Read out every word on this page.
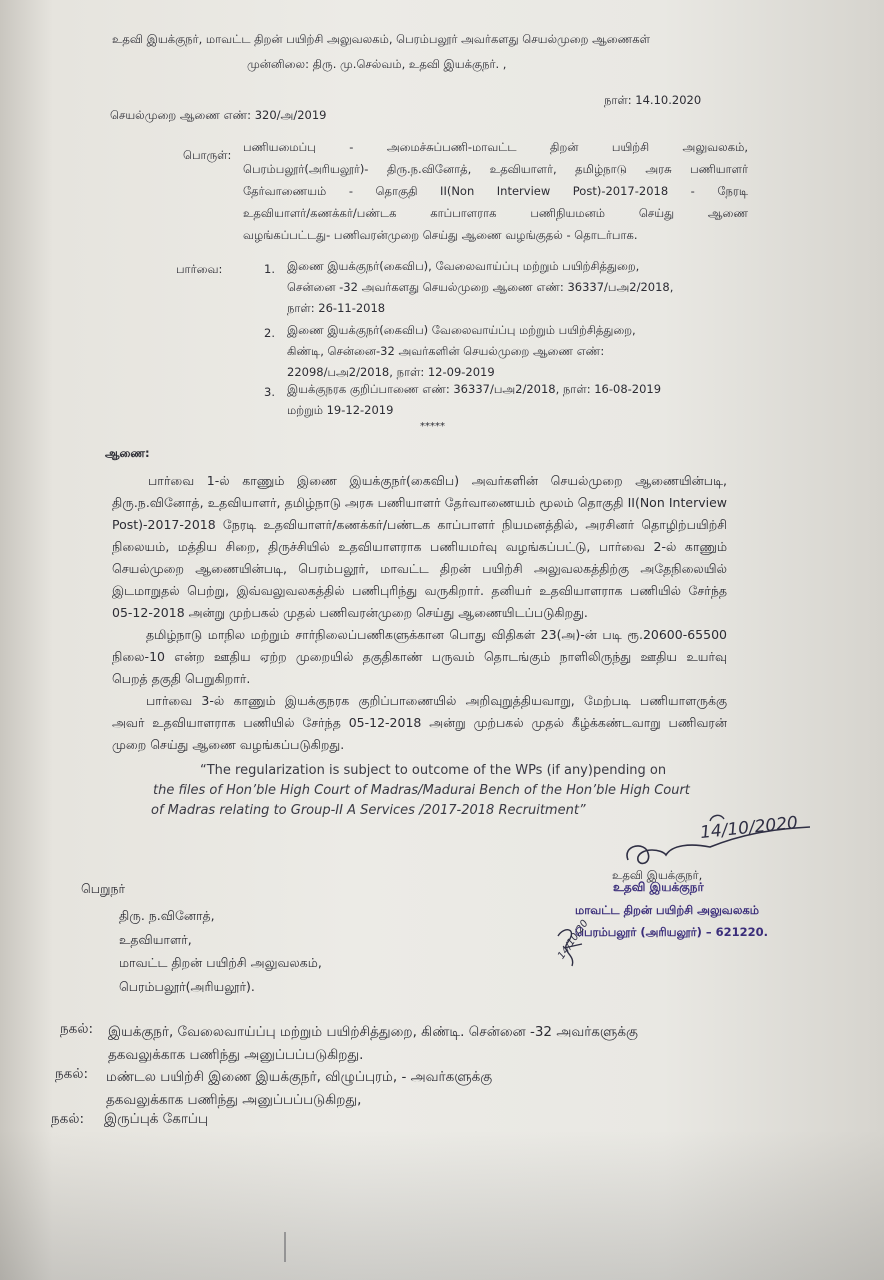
உதவி இயக்குநர், மாவட்ட திறன் பயிற்சி அலுவலகம், பெரம்பலூர் அவர்களது செயல்முறை ஆணைகள்
முன்னிலை: திரு. மு.செல்வம், உதவி இயக்குநர். ,
செயல்முறை ஆணை எண்: 320/அ/2019
நாள்: 14.10.2020
பொருள்:
பணியமைப்பு - அமைச்சுப்பணி-மாவட்ட திறன் பயிற்சி அலுவலகம்,
பெரம்பலூர்(அரியலூர்)- திரு.ந.வினோத், உதவியாளர், தமிழ்நாடு அரசு பணியாளர்
தேர்வாணையம் - தொகுதி II(Non Interview Post)-2017-2018 - நேரடி
உதவியாளர்/கணக்கர்/பண்டக காப்பாளராக பணிநியமனம் செய்து ஆணை
வழங்கப்பட்டது- பணிவரன்முறை செய்து ஆணை வழங்குதல் - தொடர்பாக.
பார்வை:	1. இணை இயக்குநர்(கைவிப), வேலைவாய்ப்பு மற்றும் பயிற்சித்துறை,
சென்னை -32 அவர்களது செயல்முறை ஆணை எண்: 36337/பஅ2/2018,
நாள்: 26-11-2018
2. இணை இயக்குநர்(கைவிப) வேலைவாய்ப்பு மற்றும் பயிற்சித்துறை,
கிண்டி, சென்னை-32 அவர்களின் செயல்முறை ஆணை எண்:
22098/பஅ2/2018, நாள்: 12-09-2019
3. இயக்குநரக குறிப்பாணை எண்: 36337/பஅ2/2018, நாள்: 16-08-2019
மற்றும் 19-12-2019
*****
ஆணை:
பார்வை 1-ல் காணும் இணை இயக்குநர்(கைவிப) அவர்களின் செயல்முறை ஆணையின்படி,
திரு.ந.வினோத், உதவியாளர், தமிழ்நாடு அரசு பணியாளர் தேர்வாணையம் மூலம் தொகுதி II(Non Interview
Post)-2017-2018 நேரடி உதவியாளர்/கணக்கர்/பண்டக காப்பாளர் நியமனத்தில், அரசினர் தொழிற்பயிற்சி
நிலையம், மத்திய சிறை, திருச்சியில் உதவியாளராக பணியமர்வு வழங்கப்பட்டு, பார்வை 2-ல் காணும்
செயல்முறை ஆணையின்படி, பெரம்பலூர், மாவட்ட திறன் பயிற்சி அலுவலகத்திற்கு அதேநிலையில்
இடமாறுதல் பெற்று, இவ்வலுவலகத்தில் பணிபுரிந்து வருகிறார். தனியர் உதவியாளராக பணியில் சேர்ந்த
05-12-2018 அன்று முற்பகல் முதல் பணிவரன்முறை செய்து ஆணையிடப்படுகிறது.
தமிழ்நாடு மாநில மற்றும் சார்நிலைப்பணிகளுக்கான பொது விதிகள் 23(அ)-ன் படி ரூ.20600-65500
நிலை-10 என்ற ஊதிய ஏற்ற முறையில் தகுதிகாண் பருவம் தொடங்கும் நாளிலிருந்து ஊதிய உயர்வு
பெறத் தகுதி பெறுகிறார்.
பார்வை 3-ல் காணும் இயக்குநரக குறிப்பாணையில் அறிவுறுத்தியவாறு, மேற்படி பணியாளருக்கு
அவர் உதவியாளராக பணியில் சேர்ந்த 05-12-2018 அன்று முற்பகல் முதல் கீழ்க்கண்டவாறு பணிவரன்
முறை செய்து ஆணை வழங்கப்படுகிறது.
“The regularization is subject to outcome of the WPs (if any)pending on
the files of Hon’ble High Court of Madras/Madurai Bench of the Hon’ble High Court
of Madras relating to Group-II A Services /2017-2018 Recruitment”
14/10/2020
உதவி இயக்குநர்,
உதவி இயக்குநர்
மாவட்ட திறன் பயிற்சி அலுவலகம்
பெரம்பலூர் (அரியலூர்) – 621220.
14/10/20
பெறுநர்
திரு. ந.வினோத்,
உதவியாளர்,
மாவட்ட திறன் பயிற்சி அலுவலகம்,
பெரம்பலூர்(அரியலூர்).
நகல்: இயக்குநர், வேலைவாய்ப்பு மற்றும் பயிற்சித்துறை, கிண்டி. சென்னை -32 அவர்களுக்கு
தகவலுக்காக பணிந்து அனுப்பப்படுகிறது.
நகல்: மண்டல பயிற்சி இணை இயக்குநர், விழுப்புரம், - அவர்களுக்கு
தகவலுக்காக பணிந்து அனுப்பப்படுகிறது,
நகல்: இருப்புக் கோப்பு
